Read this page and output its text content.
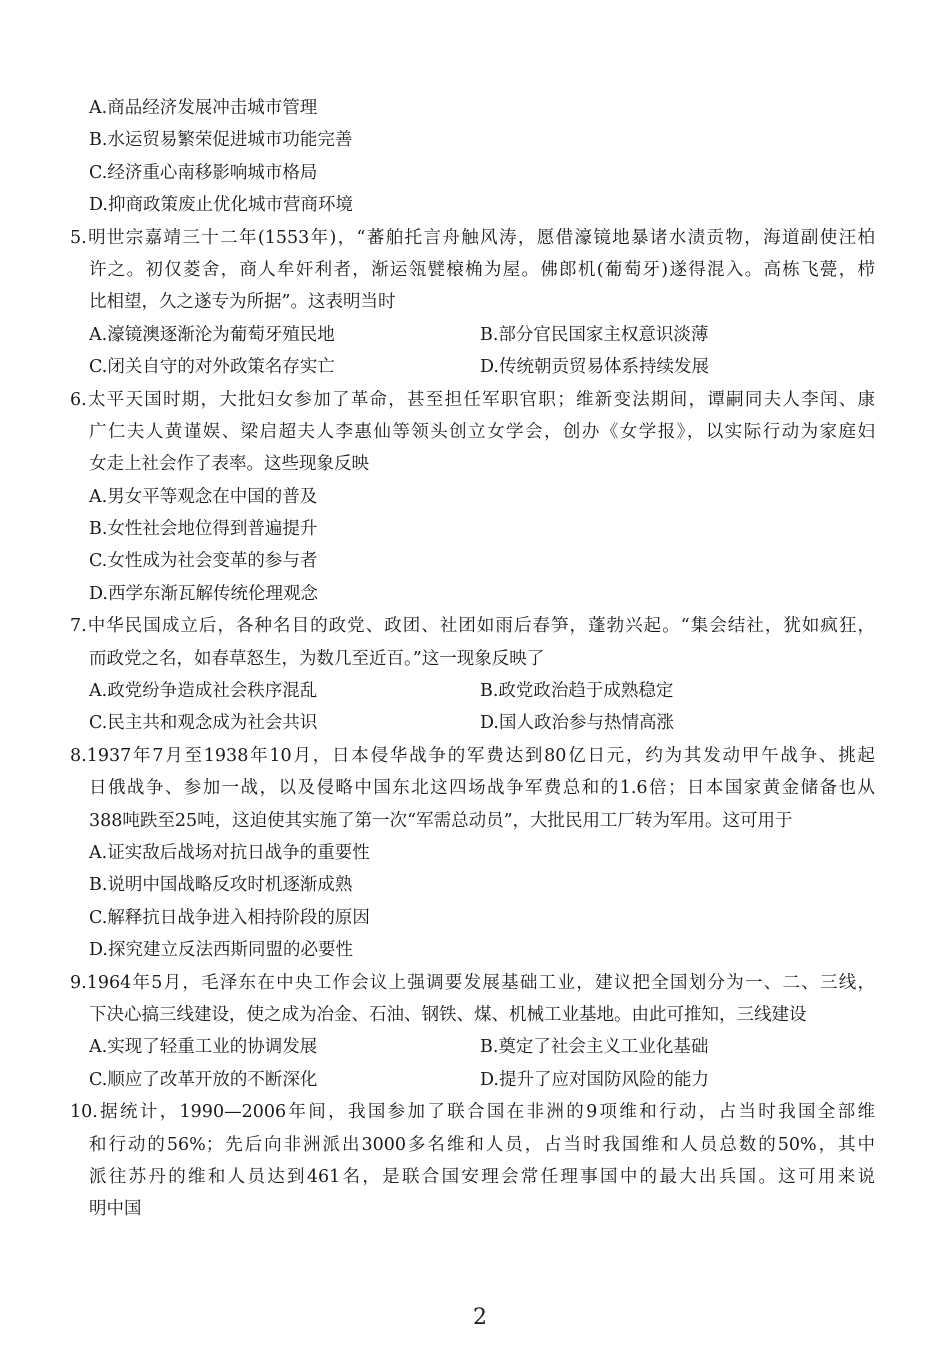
A.商品经济发展冲击城市管理
B.水运贸易繁荣促进城市功能完善
C.经济重心南移影响城市格局
D.抑商政策废止优化城市营商环境
5.明世宗嘉靖三十二年(1553年)，“蕃舶托言舟触风涛，愿借濠镜地暴诸水渍贡物，海道副使汪柏
许之。初仅菱舍，商人牟奸利者，渐运瓴甓榱桷为屋。佛郎机(葡萄牙)遂得混入。高栋飞甍，栉
比相望，久之遂专为所据”。这表明当时
A.濠镜澳逐渐沦为葡萄牙殖民地	B.部分官民国家主权意识淡薄
C.闭关自守的对外政策名存实亡	D.传统朝贡贸易体系持续发展
6.太平天国时期，大批妇女参加了革命，甚至担任军职官职；维新变法期间，谭嗣同夫人李闰、康
广仁夫人黄谨娱、梁启超夫人李惠仙等领头创立女学会，创办《女学报》，以实际行动为家庭妇
女走上社会作了表率。这些现象反映
A.男女平等观念在中国的普及
B.女性社会地位得到普遍提升
C.女性成为社会变革的参与者
D.西学东渐瓦解传统伦理观念
7.中华民国成立后，各种名目的政党、政团、社团如雨后春笋，蓬勃兴起。“集会结社，犹如疯狂，
而政党之名，如春草怒生，为数几至近百。”这一现象反映了
A.政党纷争造成社会秩序混乱	B.政党政治趋于成熟稳定
C.民主共和观念成为社会共识	D.国人政治参与热情高涨
8.1937年7月至1938年10月，日本侵华战争的军费达到80亿日元，约为其发动甲午战争、挑起
日俄战争、参加一战，以及侵略中国东北这四场战争军费总和的1.6倍；日本国家黄金储备也从
388吨跌至25吨，这迫使其实施了第一次“军需总动员”，大批民用工厂转为军用。这可用于
A.证实敌后战场对抗日战争的重要性
B.说明中国战略反攻时机逐渐成熟
C.解释抗日战争进入相持阶段的原因
D.探究建立反法西斯同盟的必要性
9.1964年5月，毛泽东在中央工作会议上强调要发展基础工业，建议把全国划分为一、二、三线，
下决心搞三线建设，使之成为冶金、石油、钢铁、煤、机械工业基地。由此可推知，三线建设
A.实现了轻重工业的协调发展	B.奠定了社会主义工业化基础
C.顺应了改革开放的不断深化	D.提升了应对国防风险的能力
10.据统计，1990—2006年间，我国参加了联合国在非洲的9项维和行动，占当时我国全部维
和行动的56%；先后向非洲派出3000多名维和人员，占当时我国维和人员总数的50%，其中
派往苏丹的维和人员达到461名，是联合国安理会常任理事国中的最大出兵国。这可用来说
明中国
2
